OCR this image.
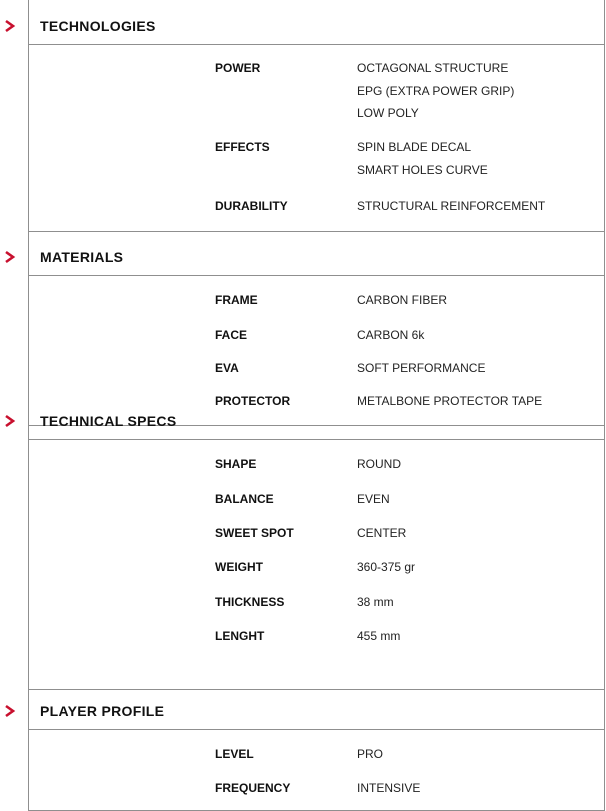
TECHNOLOGIES
POWER	OCTAGONAL STRUCTURE
EPG (EXTRA POWER GRIP)
LOW POLY
EFFECTS	SPIN BLADE DECAL
SMART HOLES CURVE
DURABILITY	STRUCTURAL REINFORCEMENT
MATERIALS
FRAME	CARBON FIBER
FACE	CARBON 6k
EVA	SOFT PERFORMANCE
PROTECTOR	METALBONE PROTECTOR TAPE
TECHNICAL SPECS
SHAPE	ROUND
BALANCE	EVEN
SWEET SPOT	CENTER
WEIGHT	360-375 gr
THICKNESS	38 mm
LENGHT	455 mm
PLAYER PROFILE
LEVEL	PRO
FREQUENCY	INTENSIVE
